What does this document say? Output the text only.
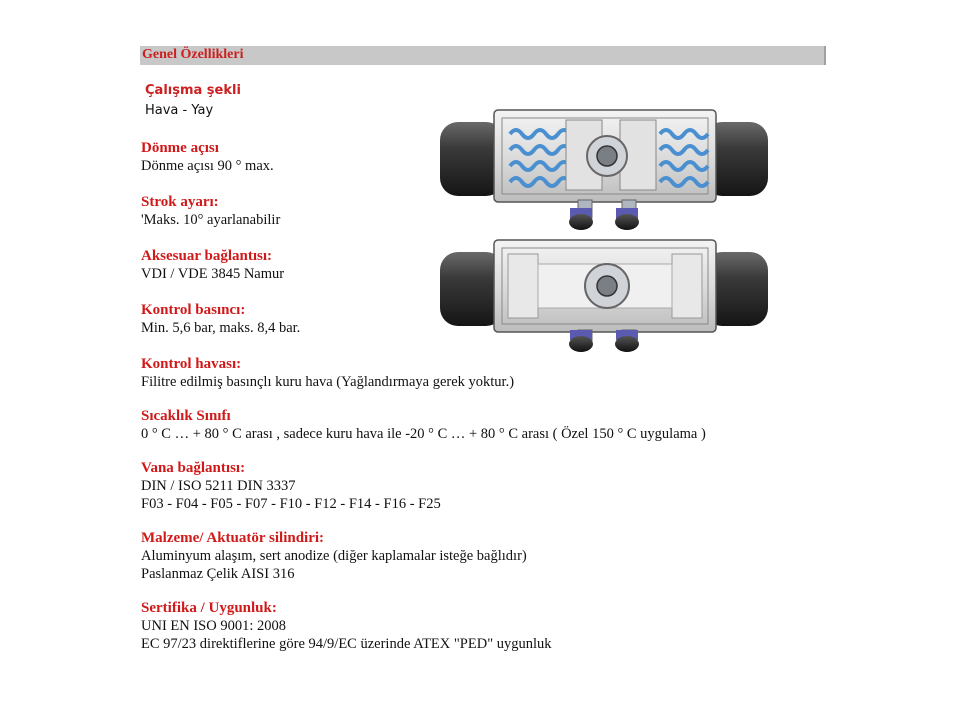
Genel Özellikleri
Çalışma şekli
Hava - Yay
Dönme açısı
Dönme açısı 90 ° max.
Strok ayarı:
'Maks. 10° ayarlanabilir
Aksesuar bağlantısı:
VDI / VDE 3845 Namur
Kontrol basıncı:
Min. 5,6 bar, maks. 8,4 bar.
Kontrol havası:
Filitre edilmiş basınçlı kuru hava (Yağlandırmaya gerek yoktur.)
Sıcaklık Sınıfı
0 ° C … + 80 ° C arası , sadece kuru hava ile -20 ° C … + 80 ° C arası ( Özel 150 ° C uygulama )
Vana bağlantısı:
DIN / ISO 5211 DIN 3337
F03 - F04 - F05 - F07 - F10 - F12 - F14 - F16 - F25
Malzeme/ Aktuatör silindiri:
Aluminyum alaşım, sert anodize (diğer kaplamalar isteğe bağlıdır)
Paslanmaz Çelik AISI 316
Sertifika / Uygunluk:
UNI EN ISO 9001: 2008
EC 97/23 direktiflerine göre 94/9/EC üzerinde ATEX "PED" uygunluk
